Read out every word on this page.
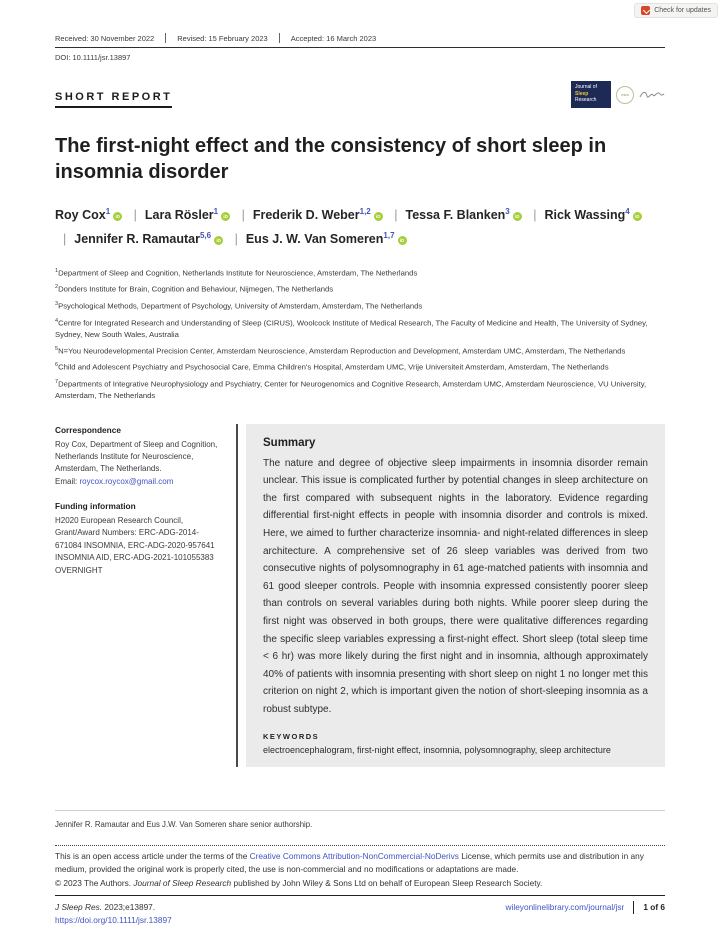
Check for updates
Received: 30 November 2022	Revised: 15 February 2023	Accepted: 16 March 2023
DOI: 10.1111/jsr.13897
SHORT REPORT
Journal of
Sleep
Research
esrs
The first-night effect and the consistency of short sleep in insomnia disorder
Roy Cox$^1$iD | Lara Rösler$^1$iD | Frederik D. Weber$^{1,2}$iD | Tessa F. Blanken$^3$iD | Rick Wassing$^4$iD | Jennifer R. Ramautar$^{5,6}$iD | Eus J. W. Van Someren$^{1,7}$iD
$^1$Department of Sleep and Cognition, Netherlands Institute for Neuroscience, Amsterdam, The Netherlands
$^2$Donders Institute for Brain, Cognition and Behaviour, Nijmegen, The Netherlands
$^3$Psychological Methods, Department of Psychology, University of Amsterdam, Amsterdam, The Netherlands
$^4$Centre for Integrated Research and Understanding of Sleep (CIRUS), Woolcock Institute of Medical Research, The Faculty of Medicine and Health, The University of Sydney, Sydney, New South Wales, Australia
$^5$N=You Neurodevelopmental Precision Center, Amsterdam Neuroscience, Amsterdam Reproduction and Development, Amsterdam UMC, Amsterdam, The Netherlands
$^6$Child and Adolescent Psychiatry and Psychosocial Care, Emma Children's Hospital, Amsterdam UMC, Vrije Universiteit Amsterdam, Amsterdam, The Netherlands
$^7$Departments of Integrative Neurophysiology and Psychiatry, Center for Neurogenomics and Cognitive Research, Amsterdam UMC, Amsterdam Neuroscience, VU University, Amsterdam, The Netherlands
Correspondence
Roy Cox, Department of Sleep and Cognition, Netherlands Institute for Neuroscience, Amsterdam, The Netherlands.
Email: roycox.roycox@gmail.com
Funding information
H2020 European Research Council, Grant/Award Numbers: ERC-ADG-2014-671084 INSOMNIA, ERC-ADG-2020-957641 INSOMNIA AID, ERC-ADG-2021-101055383 OVERNIGHT
Summary
The nature and degree of objective sleep impairments in insomnia disorder remain unclear. This issue is complicated further by potential changes in sleep architecture on the first compared with subsequent nights in the laboratory. Evidence regarding differential first-night effects in people with insomnia disorder and controls is mixed. Here, we aimed to further characterize insomnia- and night-related differences in sleep architecture. A comprehensive set of 26 sleep variables was derived from two consecutive nights of polysomnography in 61 age-matched patients with insomnia and 61 good sleeper controls. People with insomnia expressed consistently poorer sleep than controls on several variables during both nights. While poorer sleep during the first night was observed in both groups, there were qualitative differences regarding the specific sleep variables expressing a first-night effect. Short sleep (total sleep time < 6 hr) was more likely during the first night and in insomnia, although approximately 40% of patients with insomnia presenting with short sleep on night 1 no longer met this criterion on night 2, which is important given the notion of short-sleeping insomnia as a robust subtype.
KEYWORDS
electroencephalogram, first-night effect, insomnia, polysomnography, sleep architecture
Jennifer R. Ramautar and Eus J.W. Van Someren share senior authorship.
This is an open access article under the terms of the Creative Commons Attribution-NonCommercial-NoDerivs License, which permits use and distribution in any medium, provided the original work is properly cited, the use is non-commercial and no modifications or adaptations are made.
© 2023 The Authors. Journal of Sleep Research published by John Wiley & Sons Ltd on behalf of European Sleep Research Society.
J Sleep Res. 2023;e13897.
https://doi.org/10.1111/jsr.13897
wileyonlinelibrary.com/journal/jsr 1 of 6
